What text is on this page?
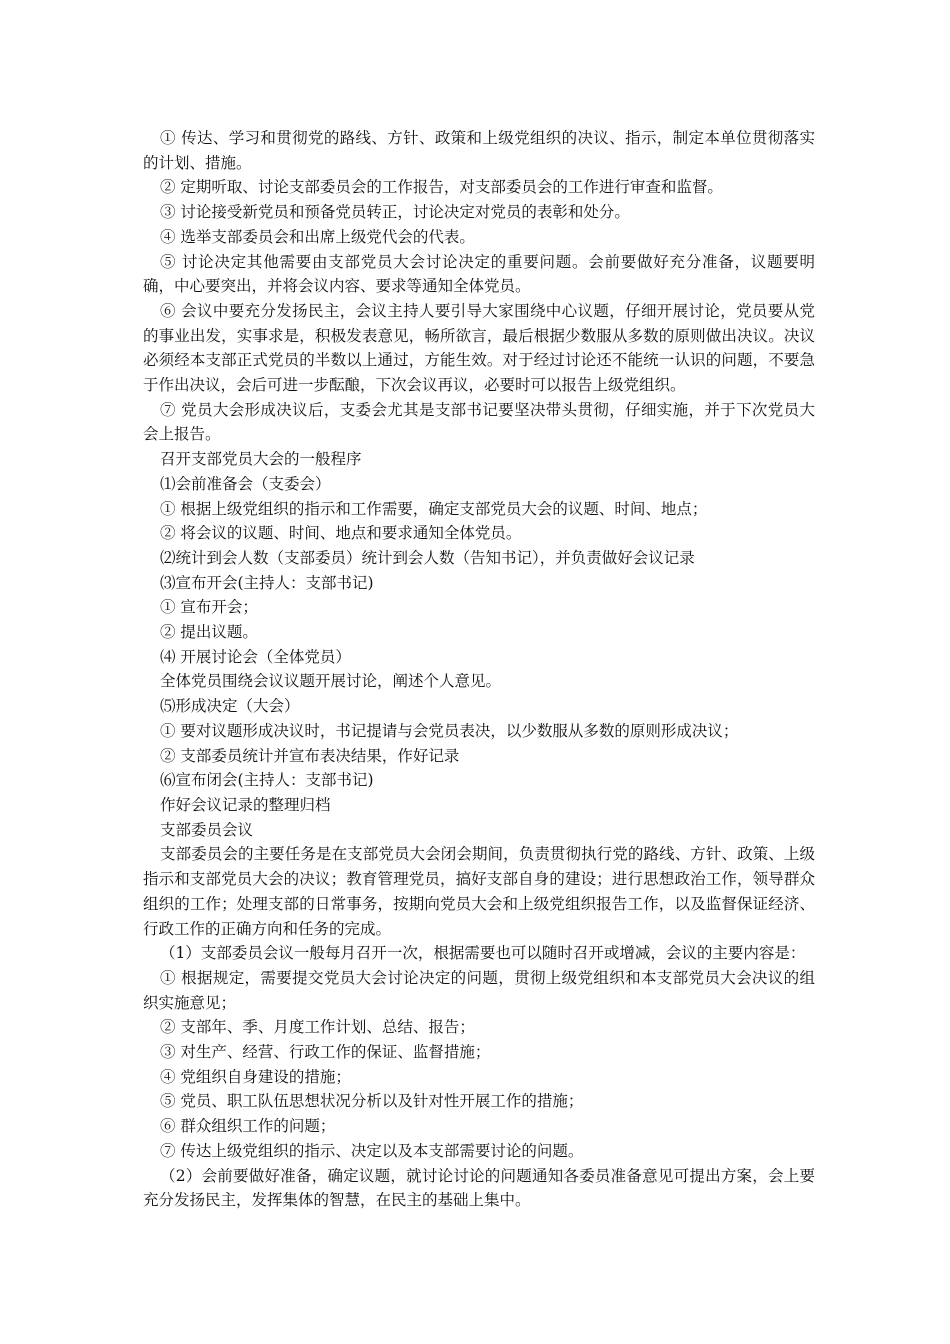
① 传达、学习和贯彻党的路线、方针、政策和上级党组织的决议、指示，制定本单位贯彻落实的计划、措施。

② 定期听取、讨论支部委员会的工作报告，对支部委员会的工作进行审查和监督。

③ 讨论接受新党员和预备党员转正，讨论决定对党员的表彰和处分。

④ 选举支部委员会和出席上级党代会的代表。

⑤ 讨论决定其他需要由支部党员大会讨论决定的重要问题。会前要做好充分准备，议题要明确，中心要突出，并将会议内容、要求等通知全体党员。

⑥ 会议中要充分发扬民主，会议主持人要引导大家围绕中心议题，仔细开展讨论，党员要从党的事业出发，实事求是，积极发表意见，畅所欲言，最后根据少数服从多数的原则做出决议。决议必须经本支部正式党员的半数以上通过，方能生效。对于经过讨论还不能统一认识的问题，不要急于作出决议，会后可进一步酝酿，下次会议再议，必要时可以报告上级党组织。

⑦ 党员大会形成决议后，支委会尤其是支部书记要坚决带头贯彻，仔细实施，并于下次党员大会上报告。

召开支部党员大会的一般程序

⑴会前准备会（支委会）

① 根据上级党组织的指示和工作需要，确定支部党员大会的议题、时间、地点；

② 将会议的议题、时间、地点和要求通知全体党员。

⑵统计到会人数（支部委员）统计到会人数（告知书记），并负责做好会议记录

⑶宣布开会(主持人：支部书记)

① 宣布开会；

② 提出议题。

⑷ 开展讨论会（全体党员）

全体党员围绕会议议题开展讨论，阐述个人意见。

⑸形成决定（大会）

① 要对议题形成决议时，书记提请与会党员表决，以少数服从多数的原则形成决议；

② 支部委员统计并宣布表决结果，作好记录

⑹宣布闭会(主持人：支部书记)

作好会议记录的整理归档

支部委员会议

支部委员会的主要任务是在支部党员大会闭会期间，负责贯彻执行党的路线、方针、政策、上级指示和支部党员大会的决议；教育管理党员，搞好支部自身的建设；进行思想政治工作，领导群众组织的工作；处理支部的日常事务，按期向党员大会和上级党组织报告工作，以及监督保证经济、行政工作的正确方向和任务的完成。

（1）支部委员会议一般每月召开一次，根据需要也可以随时召开或增减，会议的主要内容是：

① 根据规定，需要提交党员大会讨论决定的问题，贯彻上级党组织和本支部党员大会决议的组织实施意见；

② 支部年、季、月度工作计划、总结、报告；

③ 对生产、经营、行政工作的保证、监督措施；

④ 党组织自身建设的措施；

⑤ 党员、职工队伍思想状况分析以及针对性开展工作的措施；

⑥ 群众组织工作的问题；

⑦ 传达上级党组织的指示、决定以及本支部需要讨论的问题。

（2）会前要做好准备，确定议题，就讨论讨论的问题通知各委员准备意见可提出方案，会上要充分发扬民主，发挥集体的智慧，在民主的基础上集中。
